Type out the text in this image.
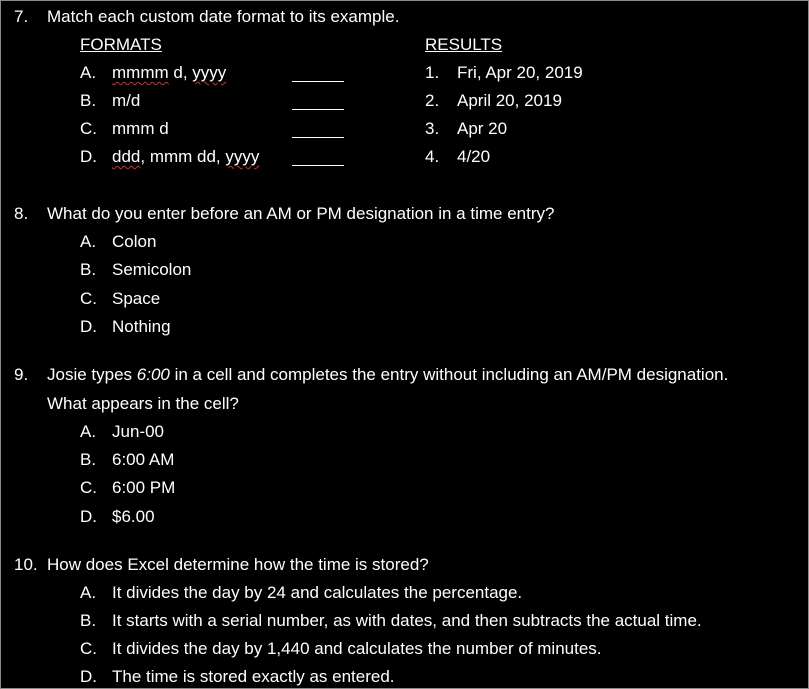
7. Match each custom date format to its example.
FORMATS	RESULTS
A. mmmm d, yyyy
B. m/d
C. mmm d
D. ddd, mmm dd, yyyy
1. Fri, Apr 20, 2019
2. April 20, 2019
3. Apr 20
4. 4/20
8. What do you enter before an AM or PM designation in a time entry?
A. Colon
B. Semicolon
C. Space
D. Nothing
9. Josie types 6:00 in a cell and completes the entry without including an AM/PM designation.
What appears in the cell?
A. Jun-00
B. 6:00 AM
C. 6:00 PM
D. $6.00
10. How does Excel determine how the time is stored?
A. It divides the day by 24 and calculates the percentage.
B. It starts with a serial number, as with dates, and then subtracts the actual time.
C. It divides the day by 1,440 and calculates the number of minutes.
D. The time is stored exactly as entered.
